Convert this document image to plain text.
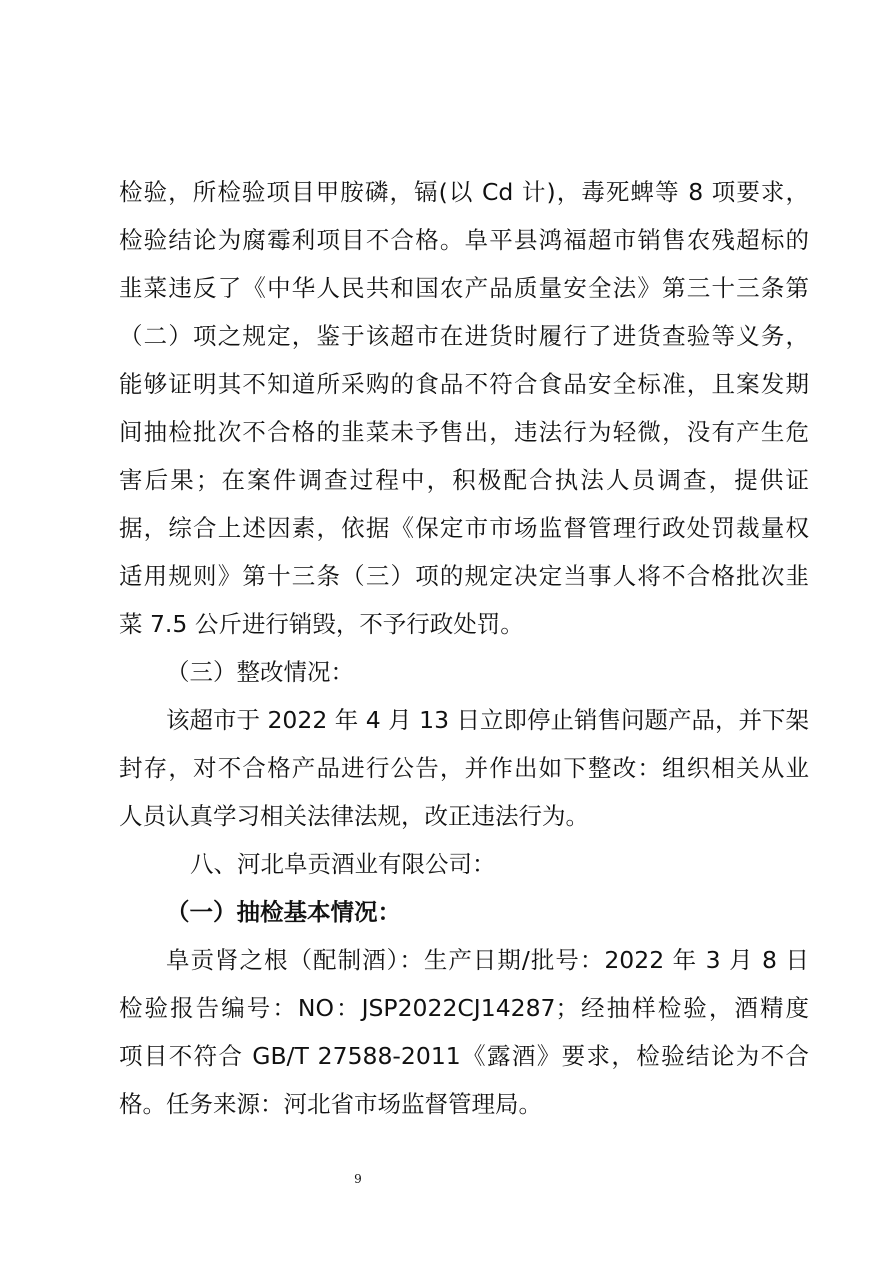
检验，所检验项目甲胺磷，镉(以 Cd 计)，毒死蜱等 8 项要求，
检验结论为腐霉利项目不合格。阜平县鸿福超市销售农残超标的
韭菜违反了《中华人民共和国农产品质量安全法》第三十三条第
（二）项之规定，鉴于该超市在进货时履行了进货查验等义务，
能够证明其不知道所采购的食品不符合食品安全标准，且案发期
间抽检批次不合格的韭菜未予售出，违法行为轻微，没有产生危
害后果；在案件调查过程中，积极配合执法人员调查，提供证
据，综合上述因素，依据《保定市市场监督管理行政处罚裁量权
适用规则》第十三条（三）项的规定决定当事人将不合格批次韭
菜 7.5 公斤进行销毁，不予行政处罚。
（三）整改情况：
该超市于 2022 年 4 月 13 日立即停止销售问题产品，并下架
封存，对不合格产品进行公告，并作出如下整改：组织相关从业
人员认真学习相关法律法规，改正违法行为。
八、河北阜贡酒业有限公司：
（一）抽检基本情况：
阜贡肾之根（配制酒）：生产日期/批号：2022 年 3 月 8 日
检验报告编号：NO：JSP2022CJ14287；经抽样检验，酒精度
项目不符合 GB/T 27588-2011《露酒》要求，检验结论为不合
格。任务来源：河北省市场监督管理局。
9
